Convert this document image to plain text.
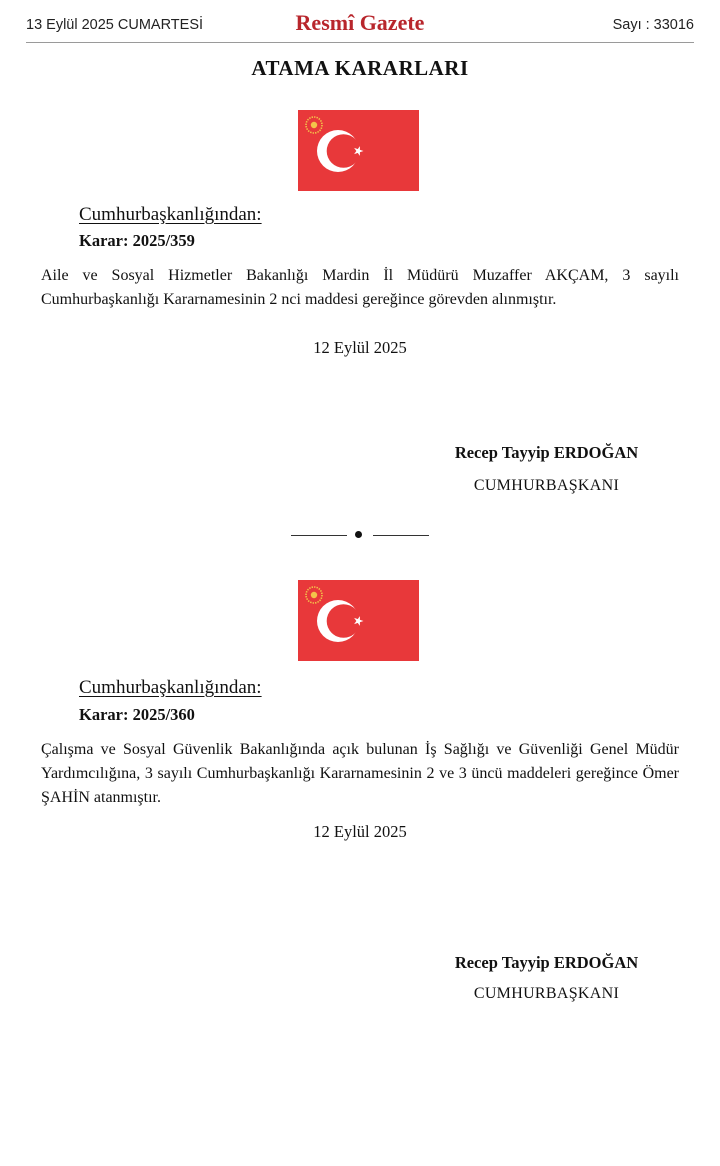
13 Eylül 2025 CUMARTESİ	Resmî Gazete	Sayı : 33016
ATAMA KARARLARI
Cumhurbaşkanlığından:
Karar: 2025/359
Aile ve Sosyal Hizmetler Bakanlığı Mardin İl Müdürü Muzaffer AKÇAM, 3 sayılı Cumhurbaşkanlığı Kararnamesinin 2 nci maddesi gereğince görevden alınmıştır.
12 Eylül 2025
Recep Tayyip ERDOĞAN
CUMHURBAŞKANI
Cumhurbaşkanlığından:
Karar: 2025/360
Çalışma ve Sosyal Güvenlik Bakanlığında açık bulunan İş Sağlığı ve Güvenliği Genel Müdür Yardımcılığına, 3 sayılı Cumhurbaşkanlığı Kararnamesinin 2 ve 3 üncü maddeleri gereğince Ömer ŞAHİN atanmıştır.
12 Eylül 2025
Recep Tayyip ERDOĞAN
CUMHURBAŞKANI
